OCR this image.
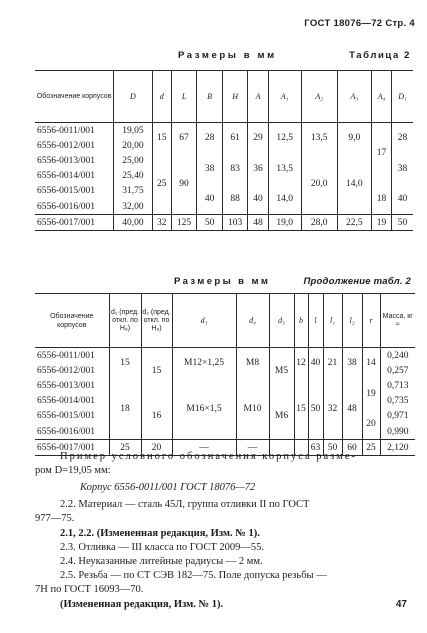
ГОСТ 18076—72 Стр. 4
Размеры в мм	Таблица 2
Обозначение корпусов	D	d	L	B	H	A	A₁	A₂	A₃	A₄	D₁
6556-0011/001	19,05	15	67	28	61	29	12,5	13,5	9,0	17	28
6556-0012/001	20,00										
6556-0013/001	25,00	25	90	38	83	36	13,5	20,0	14,0		38
6556-0014/001	25,40										
6556-0015/001	31,75			40	88	40	14,0			18	40
6556-0016/001	32,00										
6556-0017/001	40,00	32	125	50	103	48	19,0	28,0	22,5	19	50
Размеры в мм	Продолжение табл. 2
Обозначение корпусов	d₁ (пред. откл. по H₈)	d₂ (пред. откл. по H₈)	d₃	d₄	d₅	b	l	l₁	l₂	r	Масса, кг ≈
6556-0011/001	15	15	M12×1,25	M8	M5	12	40	21	38	14	0,240
6556-0012/001											0,257
6556-0013/001	18		M16×1,5	M10		15	50	32	48	19	0,713
6556-0014/001		16			M6						0,735
6556-0015/001										20	0,971
6556-0016/001											0,990
6556-0017/001	25	20	—	—			63	50	60	25	2,120
Пример условного обозначения корпуса разме-
ром D=19,05 мм:
Корпус 6556-0011/001 ГОСТ 18076—72
2.2. Материал — сталь 45Л, группа отливки II по ГОСТ
977—75.
2.1, 2.2. (Измененная редакция, Изм. № 1).
2.3. Отливка — III класса по ГОСТ 2009—55.
2.4. Неуказанные литейные радиусы — 2 мм.
2.5. Резьба — по СТ СЭВ 182—75. Поле допуска резьбы —
7H по ГОСТ 16093—70.
(Измененная редакция, Изм. № 1).	47
